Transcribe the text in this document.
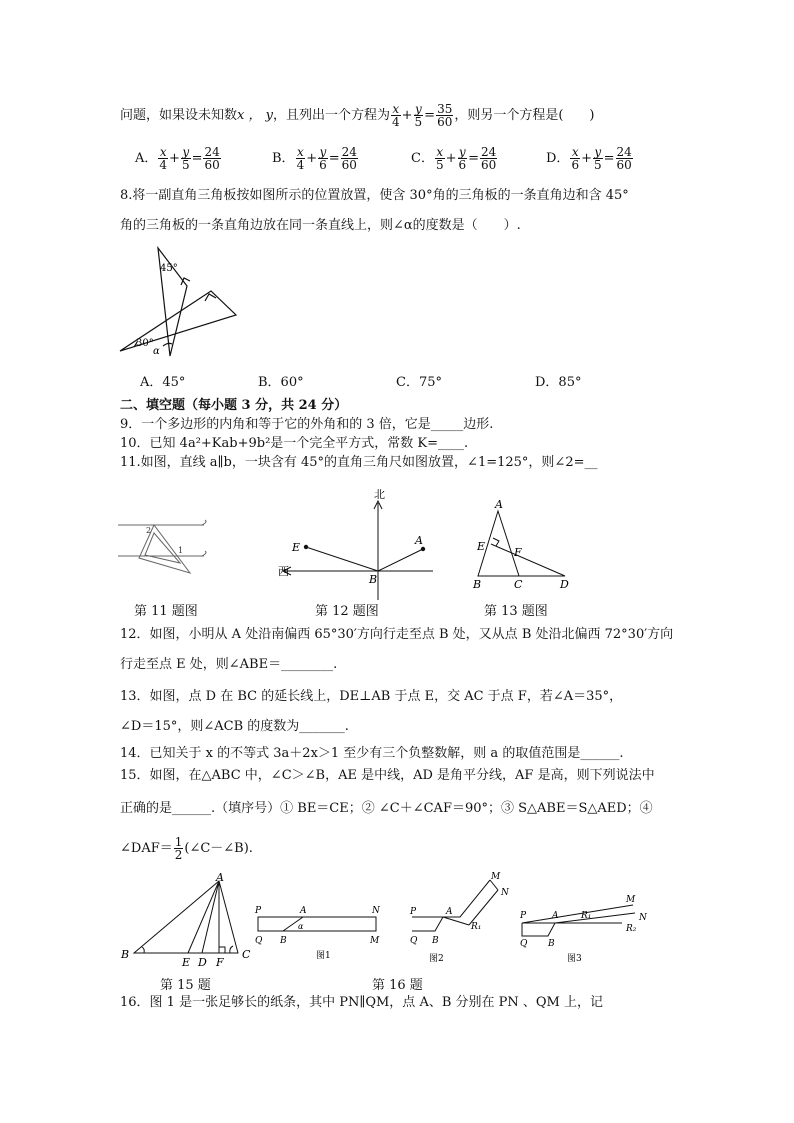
问题，如果设未知数x ， y，且列出一个方程为 $\frac{x}{4} + \frac{y}{5} = \frac{35}{60}$ ，则另一个方程是(　　)
A． $\frac{x}{4} + \frac{y}{5} = \frac{24}{60}$	B． $\frac{x}{4} + \frac{y}{6} = \frac{24}{60}$	C． $\frac{x}{5} + \frac{y}{6} = \frac{24}{60}$	D． $\frac{x}{6} + \frac{y}{5} = \frac{24}{60}$
8.将一副直角三角板按如图所示的位置放置，使含 30°角的三角板的一条直角边和含 45°
角的三角板的一条直角边放在同一条直线上，则∠α的度数是（　　）.
45°
30°
α
A．45°	B．60°	C．75°	D．85°
二、填空题（每小题 3 分，共 24 分）
9．一个多边形的内角和等于它的外角和的 3 倍，它是_____边形.
10．已知 4a²+Kab+9b²是一个完全平方式，常数 K=____.
11.如图，直线 a∥b，一块含有 45°的直角三角尺如图放置，∠1=125°，则∠2=__
2
1
第 11 题图
北
西
E
A
B
第 12 题图
A
E	F
B	C	D
第 13 题图
12．如图，小明从 A 处沿南偏西 65°30′方向行走至点 B 处，又从点 B 处沿北偏西 72°30′方向
行走至点 E 处，则∠ABE＝________.
13．如图，点 D 在 BC 的延长线上，DE⊥AB 于点 E，交 AC 于点 F，若∠A＝35°，
∠D＝15°，则∠ACB 的度数为_______.
14．已知关于 x 的不等式 3a＋2x＞1 至少有三个负整数解，则 a 的取值范围是______.
15．如图，在△ABC 中，∠C＞∠B，AE 是中线，AD 是角平分线，AF 是高，则下列说法中
正确的是______.（填序号）① BE＝CE；② ∠C＋∠CAF＝90°；③ S△ABE＝S△AED；④
∠DAF＝ $\frac{1}{2}$ (∠C－∠B).
A
B
E D F
C
第 15 题
P	A	N
Q B
α
M
图1
P	A
M
N
R₁
Q B
图2
P	A	R₁
M
N
R₂
Q B
图3
第 16 题
16．图 1 是一张足够长的纸条，其中 PN∥QM，点 A、B 分别在 PN 、QM 上，记
